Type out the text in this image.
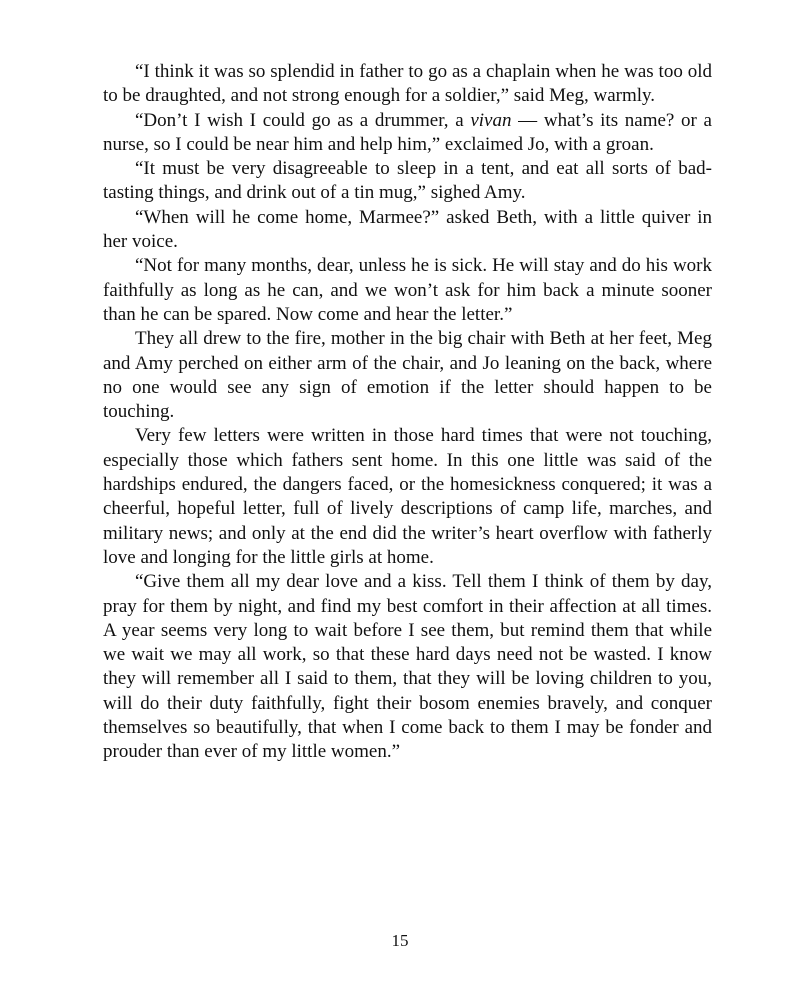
“I think it was so splendid in father to go as a chaplain when he was too old to be draughted, and not strong enough for a soldier,” said Meg, warmly.

“Don’t I wish I could go as a drummer, a vivan — what’s its name? or a nurse, so I could be near him and help him,” exclaimed Jo, with a groan.

“It must be very disagreeable to sleep in a tent, and eat all sorts of bad-tasting things, and drink out of a tin mug,” sighed Amy.

“When will he come home, Marmee?” asked Beth, with a little quiver in her voice.

“Not for many months, dear, unless he is sick. He will stay and do his work faithfully as long as he can, and we won’t ask for him back a minute sooner than he can be spared. Now come and hear the letter.”

They all drew to the fire, mother in the big chair with Beth at her feet, Meg and Amy perched on either arm of the chair, and Jo leaning on the back, where no one would see any sign of emotion if the letter should happen to be touching.

Very few letters were written in those hard times that were not touching, especially those which fathers sent home. In this one little was said of the hardships endured, the dangers faced, or the homesickness conquered; it was a cheerful, hopeful letter, full of lively descriptions of camp life, marches, and military news; and only at the end did the writer’s heart overflow with fatherly love and longing for the little girls at home.

“Give them all my dear love and a kiss. Tell them I think of them by day, pray for them by night, and find my best comfort in their affection at all times. A year seems very long to wait before I see them, but remind them that while we wait we may all work, so that these hard days need not be wasted. I know they will remember all I said to them, that they will be loving children to you, will do their duty faithfully, fight their bosom enemies bravely, and conquer themselves so beautifully, that when I come back to them I may be fonder and prouder than ever of my little women.”

15
